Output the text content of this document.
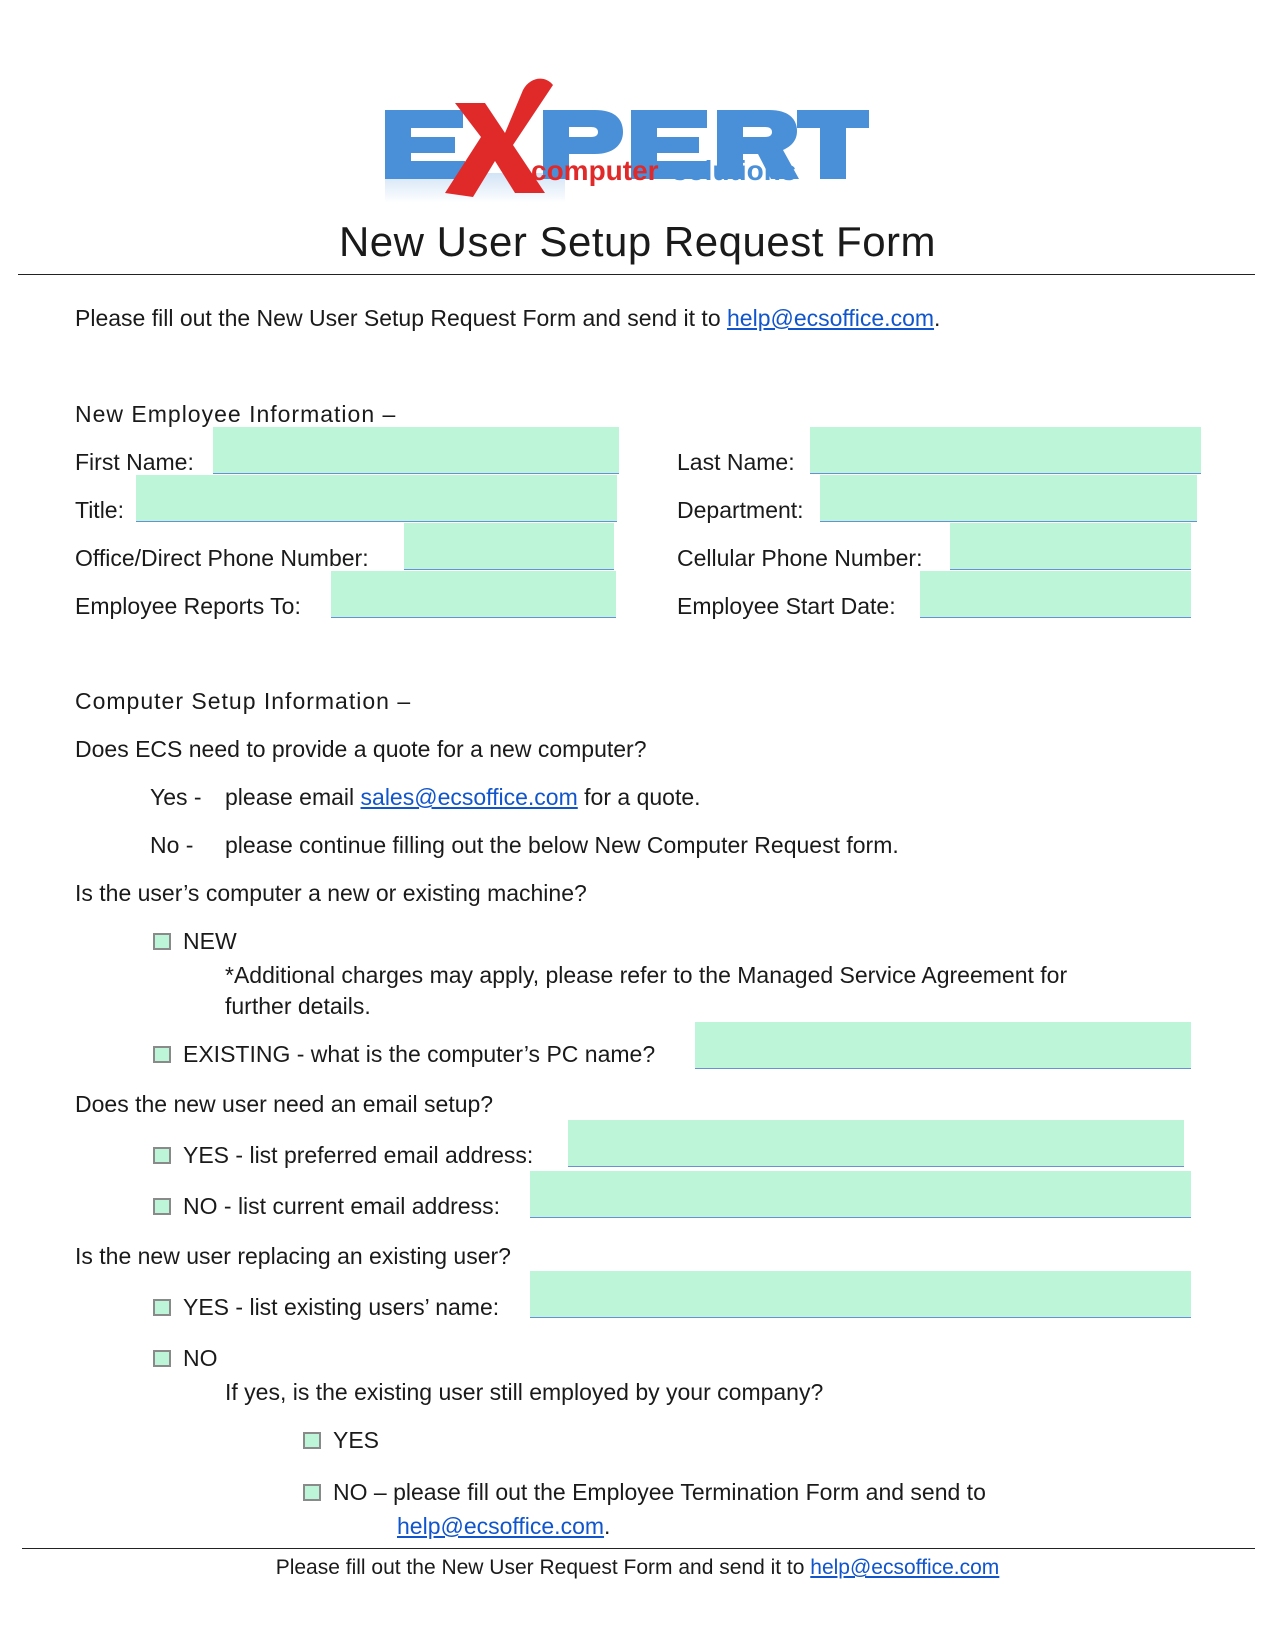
computer solutions
New User Setup Request Form
Please fill out the New User Setup Request Form and send it to help@ecsoffice.com.
New Employee Information –
First Name:	Last Name:
Title:	Department:
Office/Direct Phone Number:	Cellular Phone Number:
Employee Reports To:	Employee Start Date:
Computer Setup Information –
Does ECS need to provide a quote for a new computer?
Yes - please email sales@ecsoffice.com for a quote.
No - please continue filling out the below New Computer Request form.
Is the user’s computer a new or existing machine?
NEW
*Additional charges may apply, please refer to the Managed Service Agreement for
further details.
EXISTING - what is the computer’s PC name?
Does the new user need an email setup?
YES - list preferred email address:
NO - list current email address:
Is the new user replacing an existing user?
YES - list existing users’ name:
NO
If yes, is the existing user still employed by your company?
YES
NO – please fill out the Employee Termination Form and send to
help@ecsoffice.com.
Please fill out the New User Request Form and send it to help@ecsoffice.com
